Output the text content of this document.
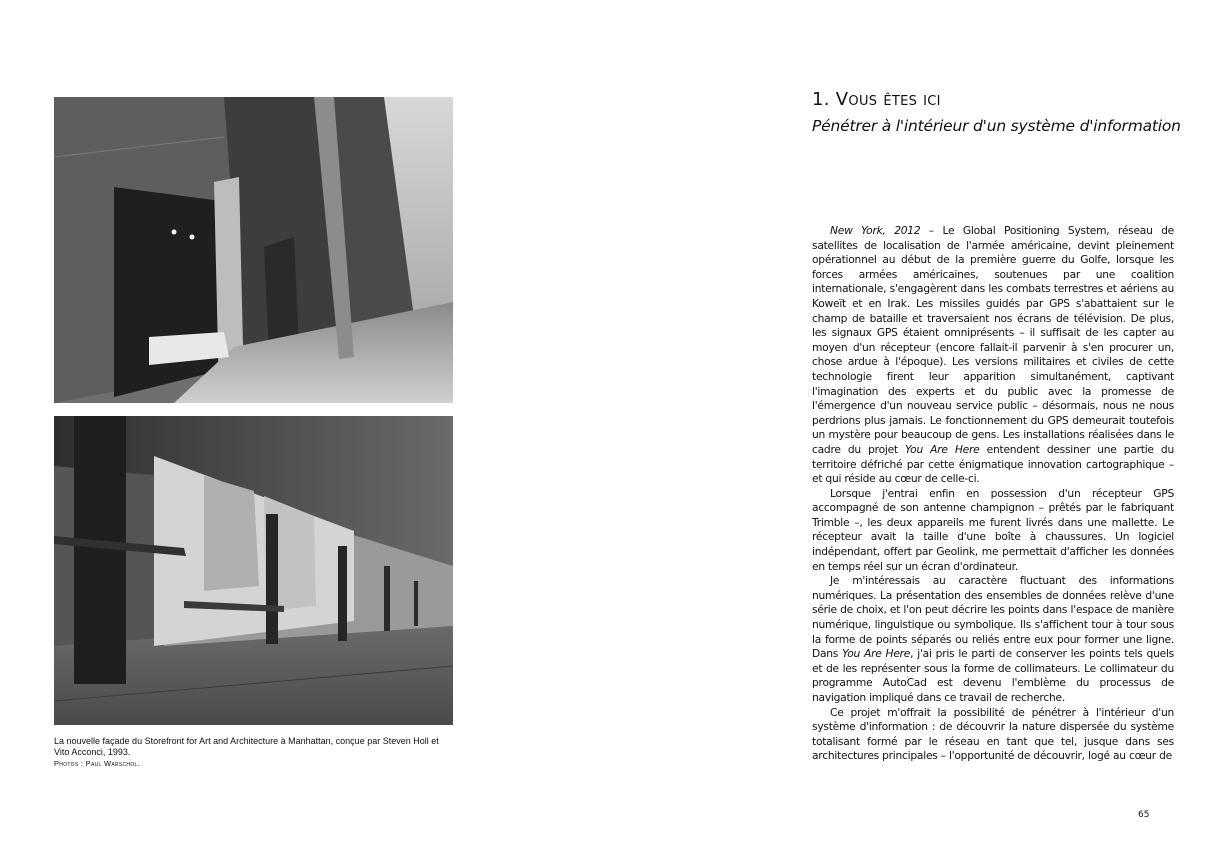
La nouvelle façade du Storefront for Art and Architecture à Manhattan, conçue par Steven Holl et Vito Acconci, 1993.
Photos : Paul Warschol.
1. Vous êtes ici
Pénétrer à l'intérieur d'un système d'information

New York, 2012 – Le Global Positioning System, réseau de satellites de localisation de l'armée américaine, devint pleinement opérationnel au début de la première guerre du Golfe, lorsque les forces armées américaines, soutenues par une coalition internationale, s'engagèrent dans les combats terrestres et aériens au Koweït et en Irak. Les missiles guidés par GPS s'abattaient sur le champ de bataille et traversaient nos écrans de télévision. De plus, les signaux GPS étaient omniprésents – il suffisait de les capter au moyen d'un récepteur (encore fallait-il parvenir à s'en procurer un, chose ardue à l'époque). Les versions militaires et civiles de cette technologie firent leur apparition simultanément, captivant l'imagination des experts et du public avec la promesse de l'émergence d'un nouveau service public – désormais, nous ne nous perdrions plus jamais. Le fonctionnement du GPS demeurait toutefois un mystère pour beaucoup de gens. Les installations réalisées dans le cadre du projet You Are Here entendent dessiner une partie du territoire défriché par cette énigmatique innovation cartographique – et qui réside au cœur de celle-ci.

Lorsque j'entrai enfin en possession d'un récepteur GPS accompagné de son antenne champignon – prêtés par le fabriquant Trimble –, les deux appareils me furent livrés dans une mallette. Le récepteur avait la taille d'une boîte à chaussures. Un logiciel indépendant, offert par Geolink, me permettait d'afficher les données en temps réel sur un écran d'ordinateur.

Je m'intéressais au caractère fluctuant des informations numériques. La présentation des ensembles de données relève d'une série de choix, et l'on peut décrire les points dans l'espace de manière numérique, linguistique ou symbolique. Ils s'affichent tour à tour sous la forme de points séparés ou reliés entre eux pour former une ligne. Dans You Are Here, j'ai pris le parti de conserver les points tels quels et de les représenter sous la forme de collimateurs. Le collimateur du programme AutoCad est devenu l'emblème du processus de navigation impliqué dans ce travail de recherche.

Ce projet m'offrait la possibilité de pénétrer à l'intérieur d'un système d'information : de découvrir la nature dispersée du système totalisant formé par le réseau en tant que tel, jusque dans ses architectures principales – l'opportunité de découvrir, logé au cœur de

65
